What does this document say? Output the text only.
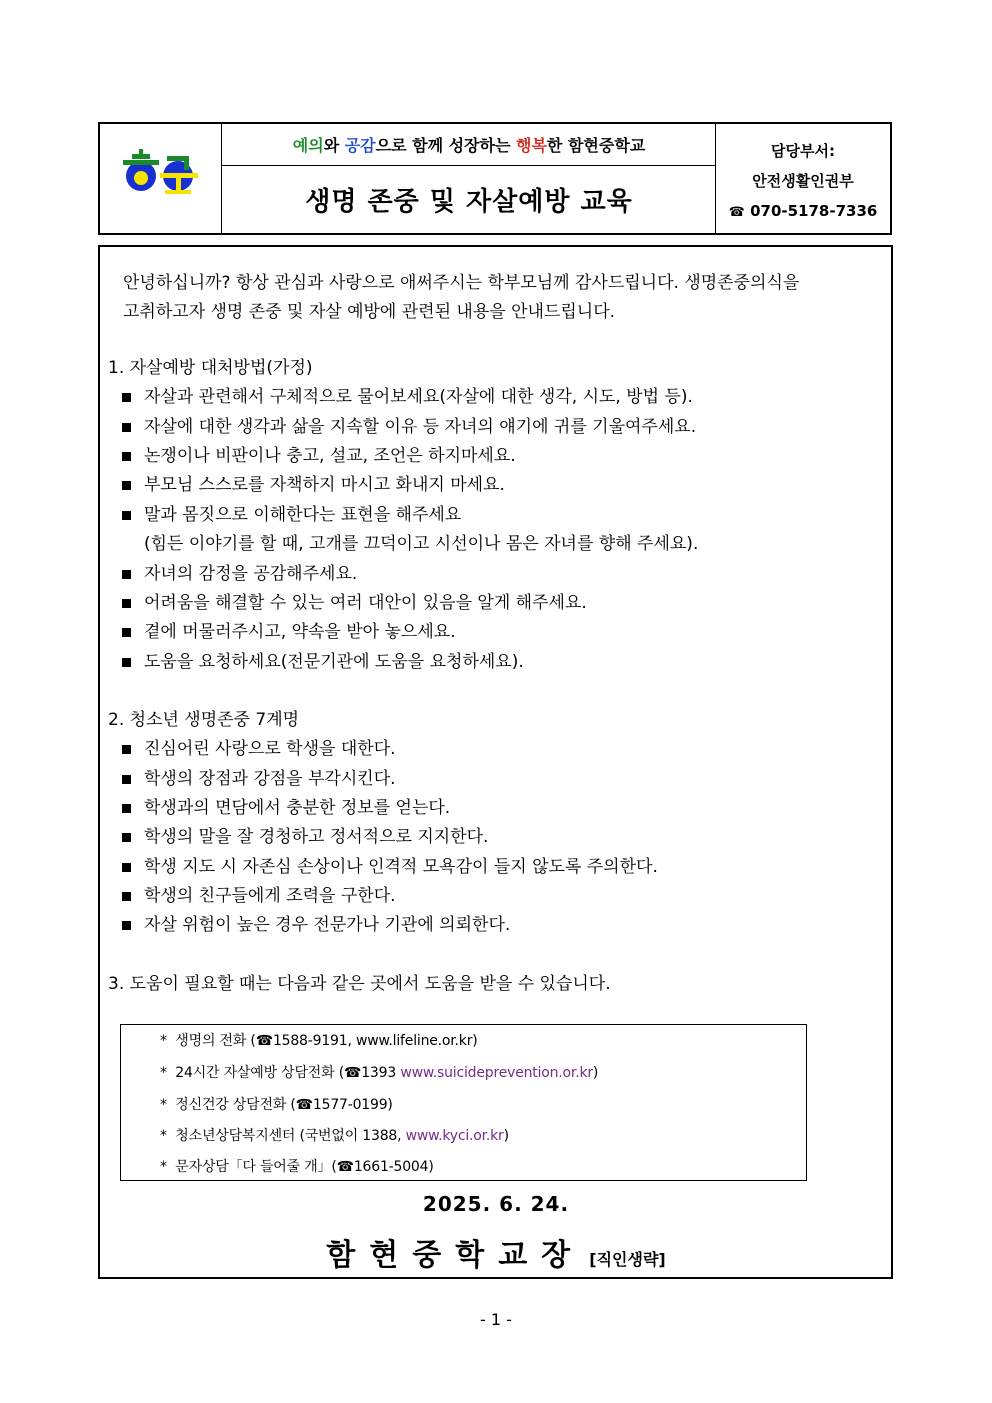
예의 와 공감 으로 함께 성장하는 행복 한 함현중학교
생명 존중 및 자살예방 교육
담당부서:
안전생활인권부
☎ 070-5178-7336
안녕하십니까? 항상 관심과 사랑으로 애써주시는 학부모님께 감사드립니다. 생명존중의식을
고취하고자 생명 존중 및 자살 예방에 관련된 내용을 안내드립니다.
1. 자살예방 대처방법(가정)
자살과 관련해서 구체적으로 물어보세요(자살에 대한 생각, 시도, 방법 등).
자살에 대한 생각과 삶을 지속할 이유 등 자녀의 얘기에 귀를 기울여주세요.
논쟁이나 비판이나 충고, 설교, 조언은 하지마세요.
부모님 스스로를 자책하지 마시고 화내지 마세요.
말과 몸짓으로 이해한다는 표현을 해주세요
(힘든 이야기를 할 때, 고개를 끄덕이고 시선이나 몸은 자녀를 향해 주세요).
자녀의 감정을 공감해주세요.
어려움을 해결할 수 있는 여러 대안이 있음을 알게 해주세요.
곁에 머물러주시고, 약속을 받아 놓으세요.
도움을 요청하세요(전문기관에 도움을 요청하세요).
2. 청소년 생명존중 7계명
진심어린 사랑으로 학생을 대한다.
학생의 장점과 강점을 부각시킨다.
학생과의 면담에서 충분한 정보를 얻는다.
학생의 말을 잘 경청하고 정서적으로 지지한다.
학생 지도 시 자존심 손상이나 인격적 모욕감이 들지 않도록 주의한다.
학생의 친구들에게 조력을 구한다.
자살 위험이 높은 경우 전문가나 기관에 의뢰한다.
3. 도움이 필요할 때는 다음과 같은 곳에서 도움을 받을 수 있습니다.
*  생명의 전화 (☎1588-9191, www.lifeline.or.kr)
*  24시간 자살예방 상담전화 (☎1393 www.suicideprevention.or.kr)
*  정신건강 상담전화 (☎1577-0199)
*  청소년상담복지센터 (국번없이 1388, www.kyci.or.kr)
*  문자상담「다 들어줄 개」(☎1661-5004)
2025. 6. 24.
함현중학교장 [직인생략]
- 1 -
